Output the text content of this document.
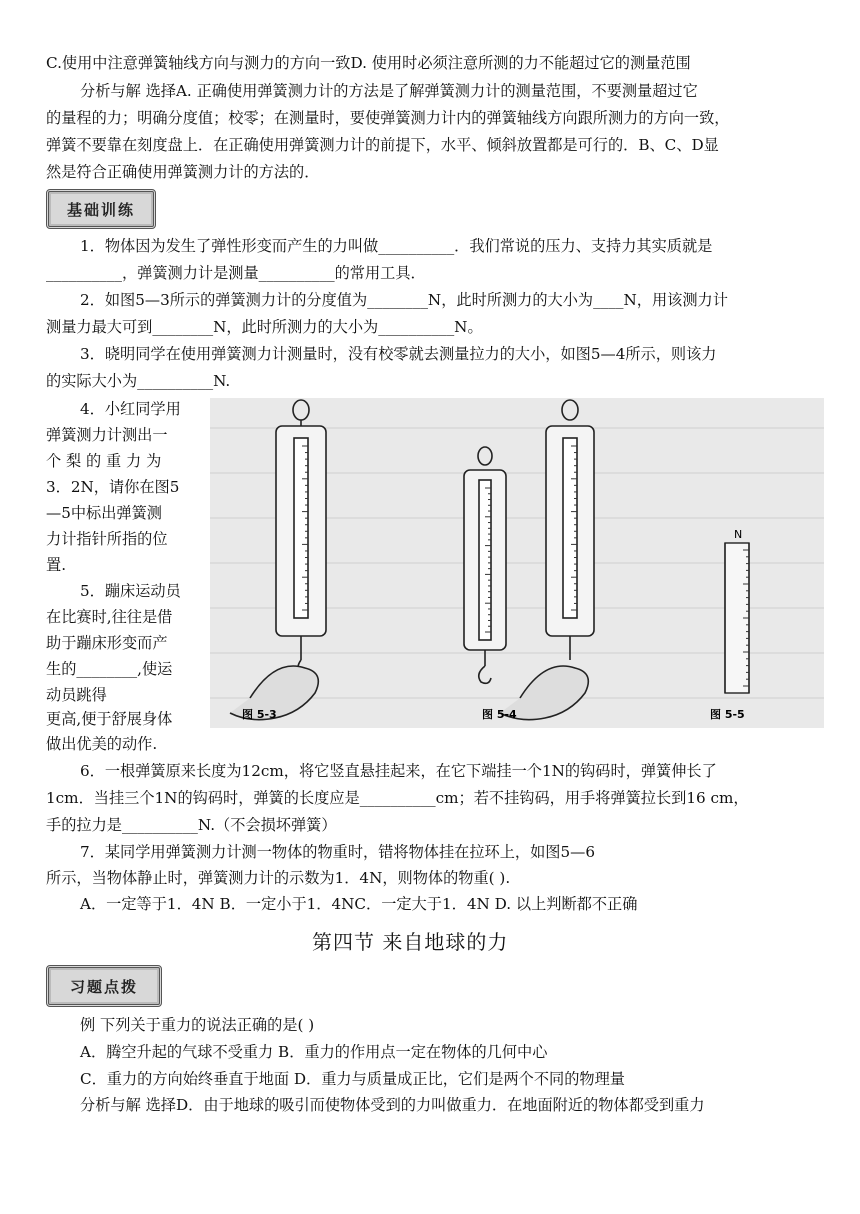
C.使用中注意弹簧轴线方向与测力的方向一致D. 使用时必须注意所测的力不能超过它的测量范围
分析与解 选择A. 正确使用弹簧测力计的方法是了解弹簧测力计的测量范围，不要测量超过它
的量程的力；明确分度值；校零；在测量时，要使弹簧测力计内的弹簧轴线方向跟所测力的方向一致，
弹簧不要靠在刻度盘上．在正确使用弹簧测力计的前提下，水平、倾斜放置都是可行的．B、C、D显
然是符合正确使用弹簧测力计的方法的．
基础训练
1．物体因为发生了弹性形变而产生的力叫做__________．我们常说的压力、支持力其实质就是
__________，弹簧测力计是测量__________的常用工具．
2．如图5—3所示的弹簧测力计的分度值为________N，此时所测力的大小为____N，用该测力计
测量力最大可到________N，此时所测力的大小为__________N。
3．晓明同学在使用弹簧测力计测量时，没有校零就去测量拉力的大小，如图5—4所示，则该力
的实际大小为__________N.
4．小红同学用
弹簧测力计测出一
个 梨 的 重 力 为
3．2N，请你在图5
—5中标出弹簧测
力计指针所指的位
置.
5．蹦床运动员
在比赛时,往往是借
助于蹦床形变而产
生的________,使运
动员跳得
更高,便于舒展身体
做出优美的动作.
N
图 5-3	图 5-4	图 5-5
6．一根弹簧原来长度为12cm，将它竖直悬挂起来，在它下端挂一个1N的钩码时，弹簧伸长了
1cm．当挂三个1N的钩码时，弹簧的长度应是__________cm；若不挂钩码，用手将弹簧拉长到16 cm，
手的拉力是__________N.（不会损坏弹簧）
7．某同学用弹簧测力计测一物体的物重时，错将物体挂在拉环上，如图5—6
所示，当物体静止时，弹簧测力计的示数为1．4N，则物体的物重( ).
A．一定等于1．4N B．一定小于1．4NC．一定大于1．4N D. 以上判断都不正确
第四节 来自地球的力
习题点拨
例 下列关于重力的说法正确的是( )
A．腾空升起的气球不受重力 B．重力的作用点一定在物体的几何中心
C．重力的方向始终垂直于地面 D．重力与质量成正比，它们是两个不同的物理量
分析与解 选择D．由于地球的吸引而使物体受到的力叫做重力．在地面附近的物体都受到重力
